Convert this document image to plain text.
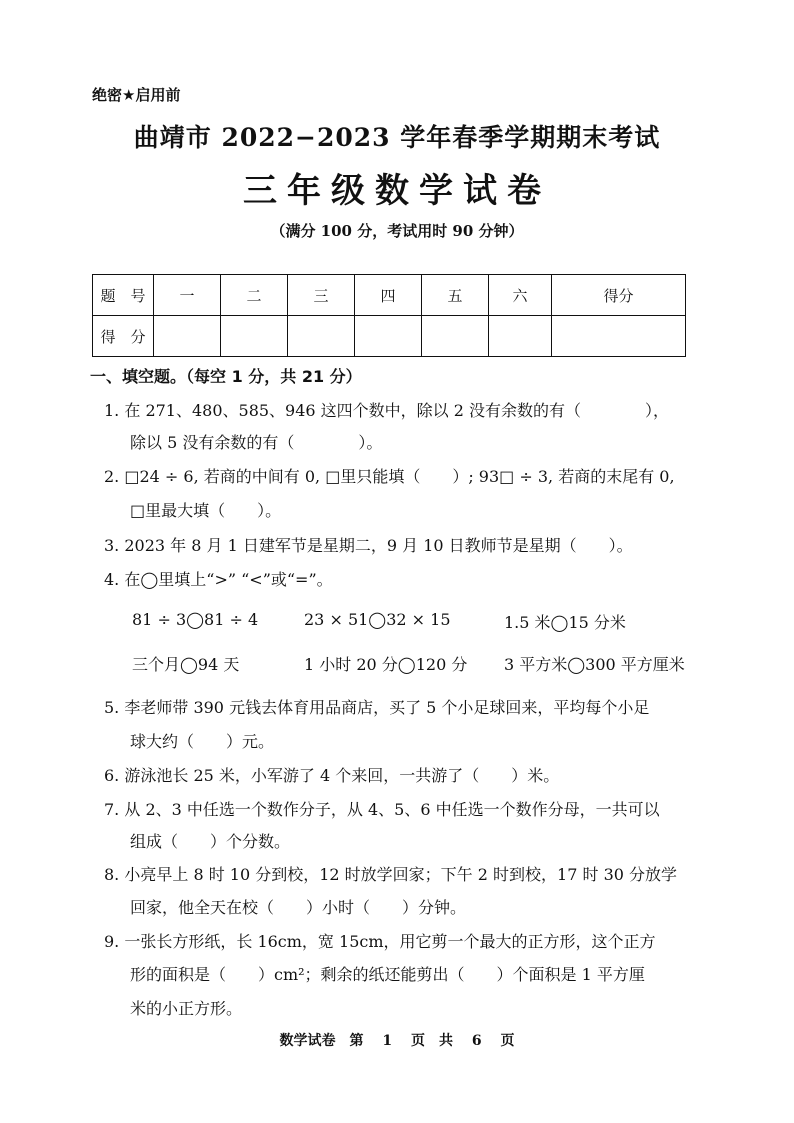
绝密★启用前
曲靖市 2022−2023 学年春季学期期末考试
三年级数学试卷
（满分 100 分，考试用时 90 分钟）
题　号	一	二	三	四	五	六	得分
得　分							
一、填空题。（每空 1 分，共 21 分）
1. 在 271、480、585、946 这四个数中，除以 2 没有余数的有（　　　　），
除以 5 没有余数的有（　　　　）。
2. □24 ÷ 6, 若商的中间有 0, □里只能填（　　）; 93□ ÷ 3, 若商的末尾有 0,
□里最大填（　　）。
3. 2023 年 8 月 1 日建军节是星期二，9 月 10 日教师节是星期（　　）。
4. 在◯里填上“>” “<”或“=”。
81 ÷ 3◯81 ÷ 4	23 × 51◯32 × 15	1.5 米◯15 分米
三个月◯94 天	1 小时 20 分◯120 分 3 平方米◯300 平方厘米
5. 李老师带 390 元钱去体育用品商店，买了 5 个小足球回来，平均每个小足
球大约（　　）元。
6. 游泳池长 25 米，小军游了 4 个来回，一共游了（　　）米。
7. 从 2、3 中任选一个数作分子，从 4、5、6 中任选一个数作分母，一共可以
组成（　　）个分数。
8. 小亮早上 8 时 10 分到校，12 时放学回家；下午 2 时到校，17 时 30 分放学
回家，他全天在校（　　）小时（　　）分钟。
9. 一张长方形纸，长 16cm，宽 15cm，用它剪一个最大的正方形，这个正方
形的面积是（　　）cm²；剩余的纸还能剪出（　　）个面积是 1 平方厘
米的小正方形。
数学试卷　第 1 页　共 6 页
